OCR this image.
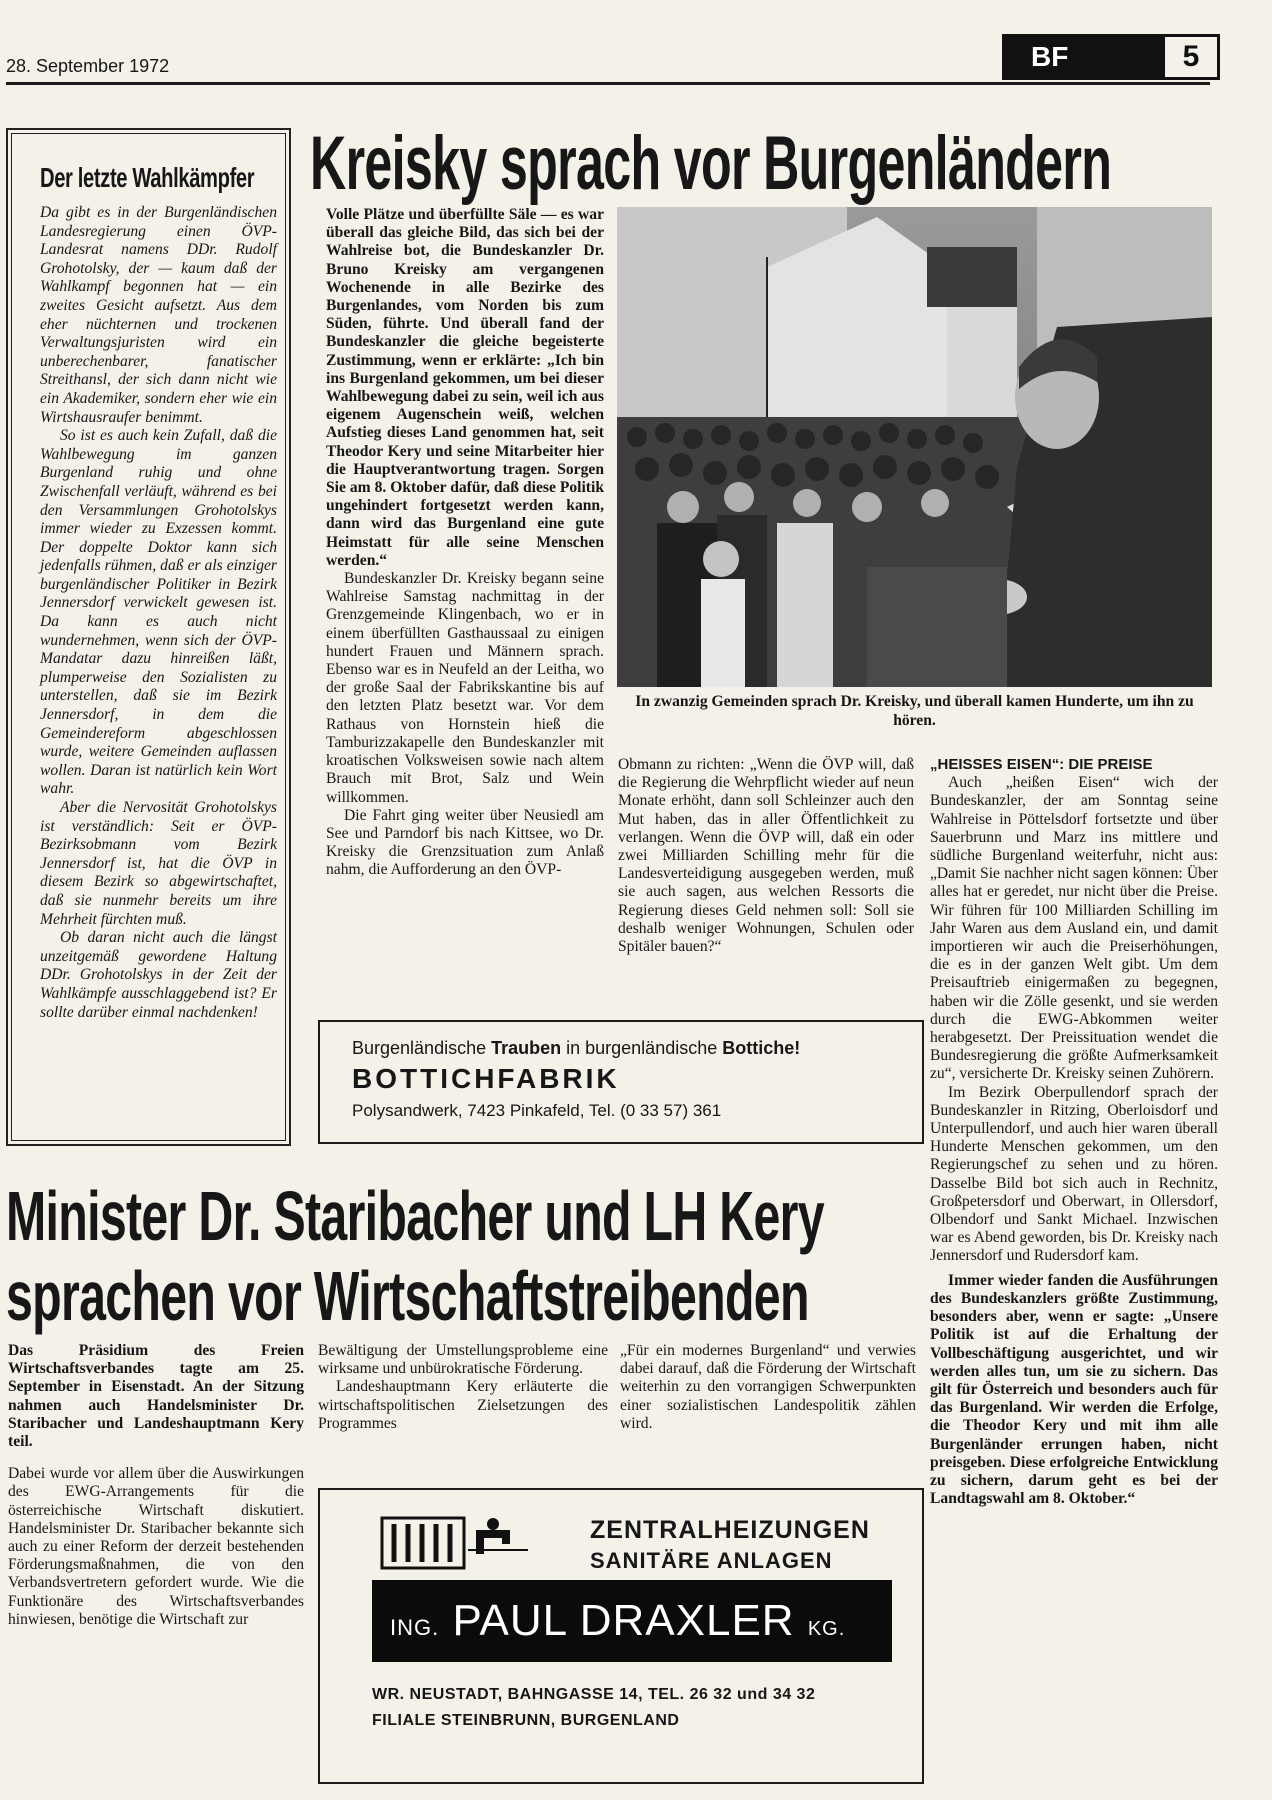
28. September 1972	BF	5
Der letzte Wahlkämpfer

Da gibt es in der Burgenländischen Landesregierung einen ÖVP-Landesrat namens DDr. Rudolf Grohotolsky, der — kaum daß der Wahlkampf begonnen hat — ein zweites Gesicht aufsetzt. Aus dem eher nüchternen und trockenen Verwaltungsjuristen wird ein unberechenbarer, fanatischer Streithansl, der sich dann nicht wie ein Akademiker, sondern eher wie ein Wirtshausraufer benimmt.

So ist es auch kein Zufall, daß die Wahlbewegung im ganzen Burgenland ruhig und ohne Zwischenfall verläuft, während es bei den Versammlungen Grohotolskys immer wieder zu Exzessen kommt. Der doppelte Doktor kann sich jedenfalls rühmen, daß er als einziger burgenländischer Politiker in Bezirk Jennersdorf verwickelt gewesen ist. Da kann es auch nicht wundernehmen, wenn sich der ÖVP-Mandatar dazu hinreißen läßt, plumperweise den Sozialisten zu unterstellen, daß sie im Bezirk Jennersdorf, in dem die Gemeindereform abgeschlossen wurde, weitere Gemeinden auflassen wollen. Daran ist natürlich kein Wort wahr.

Aber die Nervosität Grohotolskys ist verständlich: Seit er ÖVP-Bezirksobmann vom Bezirk Jennersdorf ist, hat die ÖVP in diesem Bezirk so abgewirtschaftet, daß sie nunmehr bereits um ihre Mehrheit fürchten muß.

Ob daran nicht auch die längst unzeitgemäß gewordene Haltung DDr. Grohotolskys in der Zeit der Wahlkämpfe ausschlaggebend ist? Er sollte darüber einmal nachdenken!

Kreisky sprach vor Burgenländern

Volle Plätze und überfüllte Säle — es war überall das gleiche Bild, das sich bei der Wahlreise bot, die Bundeskanzler Dr. Bruno Kreisky am vergangenen Wochenende in alle Bezirke des Burgenlandes, vom Norden bis zum Süden, führte. Und überall fand der Bundeskanzler die gleiche begeisterte Zustimmung, wenn er erklärte: „Ich bin ins Burgenland gekommen, um bei dieser Wahlbewegung dabei zu sein, weil ich aus eigenem Augenschein weiß, welchen Aufstieg dieses Land genommen hat, seit Theodor Kery und seine Mitarbeiter hier die Hauptverantwortung tragen. Sorgen Sie am 8. Oktober dafür, daß diese Politik ungehindert fortgesetzt werden kann, dann wird das Burgenland eine gute Heimstatt für alle seine Menschen werden.“

Bundeskanzler Dr. Kreisky begann seine Wahlreise Samstag nachmittag in der Grenzgemeinde Klingenbach, wo er in einem überfüllten Gasthaussaal zu einigen hundert Frauen und Männern sprach. Ebenso war es in Neufeld an der Leitha, wo der große Saal der Fabrikskantine bis auf den letzten Platz besetzt war. Vor dem Rathaus von Hornstein hieß die Tamburizzakapelle den Bundeskanzler mit kroatischen Volksweisen sowie nach altem Brauch mit Brot, Salz und Wein willkommen.

Die Fahrt ging weiter über Neusiedl am See und Parndorf bis nach Kittsee, wo Dr. Kreisky die Grenzsituation zum Anlaß nahm, die Aufforderung an den ÖVP-

In zwanzig Gemeinden sprach Dr. Kreisky, und überall kamen Hunderte, um ihn zu hören.

Obmann zu richten: „Wenn die ÖVP will, daß die Regierung die Wehrpflicht wieder auf neun Monate erhöht, dann soll Schleinzer auch den Mut haben, das in aller Öffentlichkeit zu verlangen. Wenn die ÖVP will, daß ein oder zwei Milliarden Schilling mehr für die Landesverteidigung ausgegeben werden, muß sie auch sagen, aus welchen Ressorts die Regierung dieses Geld nehmen soll: Soll sie deshalb weniger Wohnungen, Schulen oder Spitäler bauen?“

„HEISSES EISEN“: DIE PREISE

Auch „heißen Eisen“ wich der Bundeskanzler, der am Sonntag seine Wahlreise in Pöttelsdorf fortsetzte und über Sauerbrunn und Marz ins mittlere und südliche Burgenland weiterfuhr, nicht aus: „Damit Sie nachher nicht sagen können: Über alles hat er geredet, nur nicht über die Preise. Wir führen für 100 Milliarden Schilling im Jahr Waren aus dem Ausland ein, und damit importieren wir auch die Preiserhöhungen, die es in der ganzen Welt gibt. Um dem Preisauftrieb einigermaßen zu begegnen, haben wir die Zölle gesenkt, und sie werden durch die EWG-Abkommen weiter herabgesetzt. Der Preissituation wendet die Bundesregierung die größte Aufmerksamkeit zu“, versicherte Dr. Kreisky seinen Zuhörern.

Im Bezirk Oberpullendorf sprach der Bundeskanzler in Ritzing, Oberloisdorf und Unterpullendorf, und auch hier waren überall Hunderte Menschen gekommen, um den Regierungschef zu sehen und zu hören. Dasselbe Bild bot sich auch in Rechnitz, Großpetersdorf und Oberwart, in Ollersdorf, Olbendorf und Sankt Michael. Inzwischen war es Abend geworden, bis Dr. Kreisky nach Jennersdorf und Rudersdorf kam.

Immer wieder fanden die Ausführungen des Bundeskanzlers größte Zustimmung, besonders aber, wenn er sagte: „Unsere Politik ist auf die Erhaltung der Vollbeschäftigung ausgerichtet, und wir werden alles tun, um sie zu sichern. Das gilt für Österreich und besonders auch für das Burgenland. Wir werden die Erfolge, die Theodor Kery und mit ihm alle Burgenländer errungen haben, nicht preisgeben. Diese erfolgreiche Entwicklung zu sichern, darum geht es bei der Landtagswahl am 8. Oktober.“

Burgenländische Trauben in burgenländische Bottiche!
BOTTICHFABRIK
Polysandwerk, 7423 Pinkafeld, Tel. (0 33 57) 361
Minister Dr. Staribacher und LH Kery
sprachen vor Wirtschaftstreibenden

Das Präsidium des Freien Wirtschaftsverbandes tagte am 25. September in Eisenstadt. An der Sitzung nahmen auch Handelsminister Dr. Staribacher und Landeshauptmann Kery teil.

Dabei wurde vor allem über die Auswirkungen des EWG-Arrangements für die österreichische Wirtschaft diskutiert. Handelsminister Dr. Staribacher bekannte sich auch zu einer Reform der derzeit bestehenden Förderungsmaßnahmen, die von den Verbandsvertretern gefordert wurde. Wie die Funktionäre des Wirtschaftsverbandes hinwiesen, benötige die Wirtschaft zur

Bewältigung der Umstellungsprobleme eine wirksame und unbürokratische Förderung.

Landeshauptmann Kery erläuterte die wirtschaftspolitischen Zielsetzungen des Programmes

„Für ein modernes Burgenland“ und verwies dabei darauf, daß die Förderung der Wirtschaft weiterhin zu den vorrangigen Schwerpunkten einer sozialistischen Landespolitik zählen wird.

ZENTRALHEIZUNGEN
SANITÄRE ANLAGEN
ING. PAUL DRAXLER KG.
WR. NEUSTADT, BAHNGASSE 14, TEL. 26 32 und 34 32
FILIALE STEINBRUNN, BURGENLAND
